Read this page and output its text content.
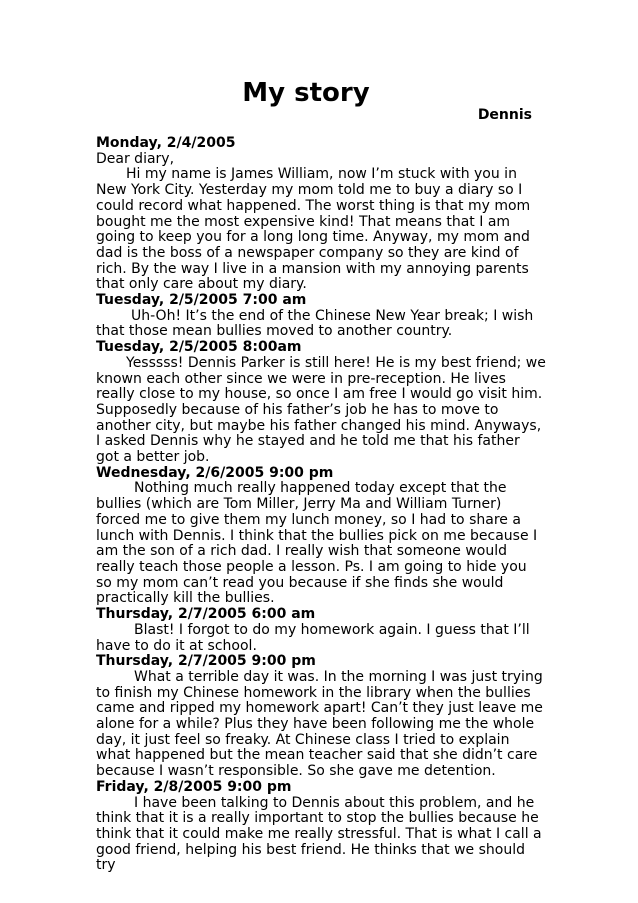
My story
Dennis
Monday, 2/4/2005
Dear diary,

Hi my name is James William, now I’m stuck with you in New York City. Yesterday my mom told me to buy a diary so I could record what happened. The worst thing is that my mom bought me the most expensive kind! That means that I am going to keep you for a long long time. Anyway, my mom and dad is the boss of a newspaper company so they are kind of rich. By the way I live in a mansion with my annoying parents that only care about my diary.

Tuesday, 2/5/2005 7:00 am

Uh-Oh! It’s the end of the Chinese New Year break; I wish that those mean bullies moved to another country.

Tuesday, 2/5/2005 8:00am

Yesssss! Dennis Parker is still here! He is my best friend; we known each other since we were in pre-reception. He lives really close to my house, so once I am free I would go visit him. Supposedly because of his father’s job he has to move to another city, but maybe his father changed his mind. Anyways, I asked Dennis why he stayed and he told me that his father got a better job.

Wednesday, 2/6/2005 9:00 pm

Nothing much really happened today except that the bullies (which are Tom Miller, Jerry Ma and William Turner) forced me to give them my lunch money, so I had to share a lunch with Dennis. I think that the bullies pick on me because I am the son of a rich dad. I really wish that someone would really teach those people a lesson. Ps. I am going to hide you so my mom can’t read you because if she finds she would practically kill the bullies.

Thursday, 2/7/2005 6:00 am

Blast! I forgot to do my homework again. I guess that I’ll have to do it at school.

Thursday, 2/7/2005 9:00 pm

What a terrible day it was. In the morning I was just trying to finish my Chinese homework in the library when the bullies came and ripped my homework apart! Can’t they just leave me alone for a while? Plus they have been following me the whole day, it just feel so freaky. At Chinese class I tried to explain what happened but the mean teacher said that she didn’t care because I wasn’t responsible. So she gave me detention.

Friday, 2/8/2005 9:00 pm

I have been talking to Dennis about this problem, and he think that it is a really important to stop the bullies because he think that it could make me really stressful. That is what I call a good friend, helping his best friend. He thinks that we should try
